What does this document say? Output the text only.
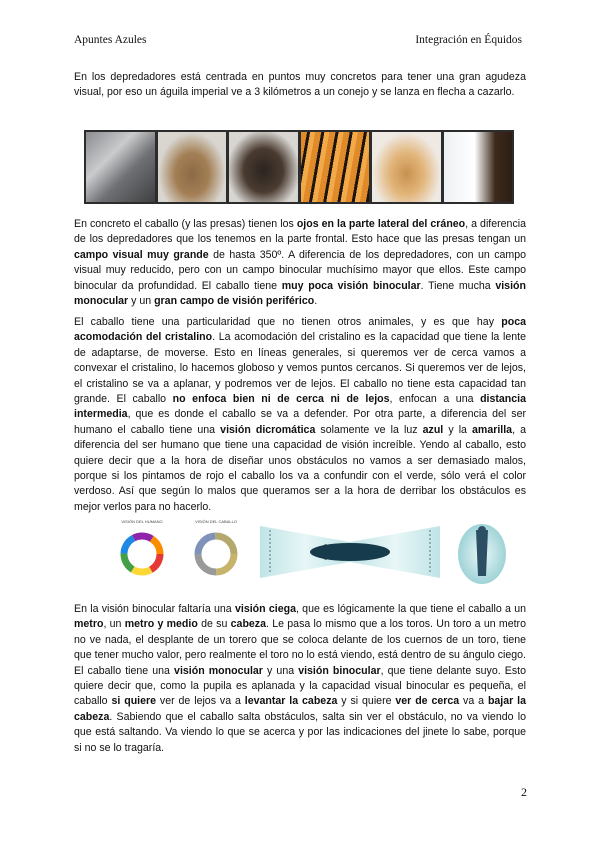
Apuntes Azules	Integración en Équidos

En los depredadores está centrada en puntos muy concretos para tener una gran agudeza visual, por eso un águila imperial ve a 3 kilómetros a un conejo y se lanza en flecha a cazarlo.

En concreto el caballo (y las presas) tienen los ojos en la parte lateral del cráneo, a diferencia de los depredadores que los tenemos en la parte frontal. Esto hace que las presas tengan un campo visual muy grande de hasta 350º. A diferencia de los depredadores, con un campo visual muy reducido, pero con un campo binocular muchísimo mayor que ellos. Este campo binocular da profundidad. El caballo tiene muy poca visión binocular. Tiene mucha visión monocular y un gran campo de visión periférico.

El caballo tiene una particularidad que no tienen otros animales, y es que hay poca acomodación del cristalino. La acomodación del cristalino es la capacidad que tiene la lente de adaptarse, de moverse. Esto en líneas generales, si queremos ver de cerca vamos a convexar el cristalino, lo hacemos globoso y vemos puntos cercanos. Si queremos ver de lejos, el cristalino se va a aplanar, y podremos ver de lejos. El caballo no tiene esta capacidad tan grande. El caballo no enfoca bien ni de cerca ni de lejos, enfocan a una distancia intermedia, que es donde el caballo se va a defender. Por otra parte, a diferencia del ser humano el caballo tiene una visión dicromática solamente ve la luz azul y la amarilla, a diferencia del ser humano que tiene una capacidad de visión increíble. Yendo al caballo, esto quiere decir que a la hora de diseñar unos obstáculos no vamos a ser demasiado malos, porque si los pintamos de rojo el caballo los va a confundir con el verde, sólo verá el color verdoso. Así que según lo malos que queramos ser a la hora de derribar los obstáculos es mejor verlos para no hacerlo.

VISIÓN DEL HUMANO	VISIÓN DEL CABALLO

En la visión binocular faltaría una visión ciega, que es lógicamente la que tiene el caballo a un metro, un metro y medio de su cabeza. Le pasa lo mismo que a los toros. Un toro a un metro no ve nada, el desplante de un torero que se coloca delante de los cuernos de un toro, tiene que tener mucho valor, pero realmente el toro no lo está viendo, está dentro de su ángulo ciego. El caballo tiene una visión monocular y una visión binocular, que tiene delante suyo. Esto quiere decir que, como la pupila es aplanada y la capacidad visual binocular es pequeña, el caballo si quiere ver de lejos va a levantar la cabeza y si quiere ver de cerca va a bajar la cabeza. Sabiendo que el caballo salta obstáculos, salta sin ver el obstáculo, no va viendo lo que está saltando. Va viendo lo que se acerca y por las indicaciones del jinete lo sabe, porque si no se lo tragaría.

2
